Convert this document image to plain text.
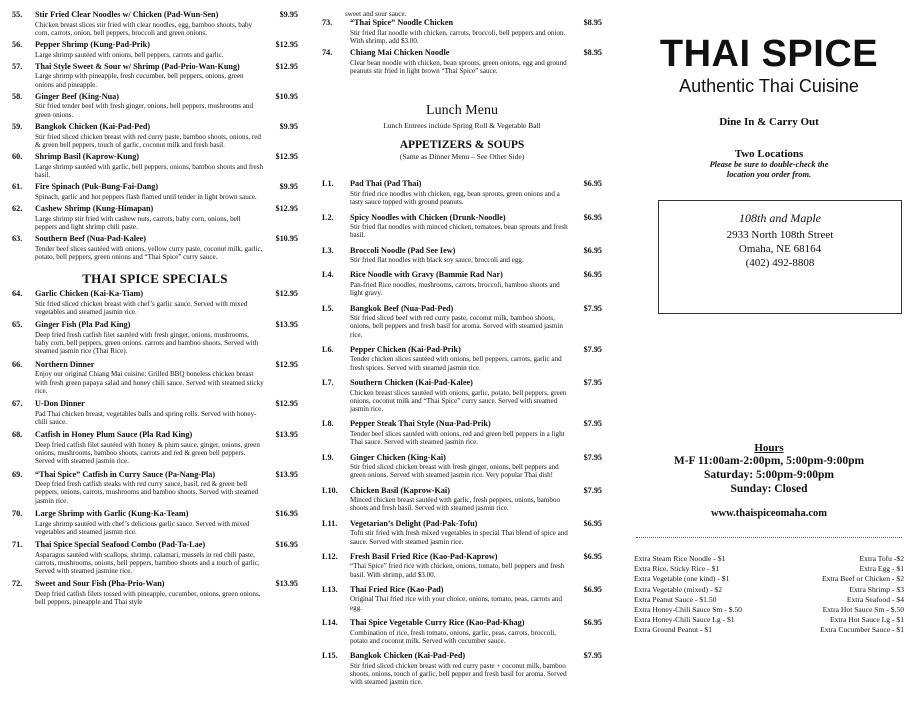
55. Stir Fried Clear Noodles w/ Chicken (Pad-Wun-Sen)	$9.95
Chicken breast slices stir fried with clear noodles, egg, bamboo shoots, baby corn, carrots, onion, bell peppers, broccoli and green onions.
56. Pepper Shrimp (Kung-Pad-Prik)	$12.95
Large shrimp sautéed with onions, bell peppers, carrots and garlic.
57. Thai Style Sweet & Sour w/ Shrimp (Pad-Prio-Wan-Kung)	$12.95
Large shrimp with pineapple, fresh cucumber, bell peppers, onions, green onions and pineapple.
58. Ginger Beef (King-Nua)	$10.95
Stir fried tender beef with fresh ginger, onions, bell peppers, mushrooms and green onions.
59. Bangkok Chicken (Kai-Pad-Ped)	$9.95
Stir fried sliced chicken breast with red curry paste, bamboo shoots, onions, red & green bell peppers, touch of garlic, coconut milk and fresh basil.
60. Shrimp Basil (Kaprow-Kung)	$12.95
Large shrimp sautéed with garlic, bell peppers, onions, bamboo shoots and fresh basil.
61. Fire Spinach (Puk-Bung-Fai-Dang)	$9.95
Spinach, garlic and hot peppers flash flamed until tender in light brown sauce.
62. Cashew Shrimp (Kung-Himapan)	$12.95
Large shrimp stir fried with cashew nuts, carrots, baby corn, onions, bell peppers and light shrimp chili paste.
63. Southern Beef (Nua-Pad-Kalee)	$10.95
Tender beef slices sautéed with onions, yellow curry paste, coconut milk, garlic, potato, bell peppers, green onions and “Thai Spice” curry sauce.
THAI SPICE SPECIALS
64. Garlic Chicken (Kai-Ka-Tiam)	$12.95
Stir fried sliced chicken breast with chef’s garlic sauce. Served with mixed vegetables and steamed jasmin rice.
65. Ginger Fish (Pla Pad King)	$13.95
Deep fried fresh catfish filet sautéed with fresh ginger, onions, mushrooms, baby corn, bell peppers, green onions. carrots and bamboo shoots. Served with steamed jasmin rice (Thai Rice).
66. Northern Dinner	$12.95
Enjoy our original Chiang Mai cuisine: Grilled BBQ boneless chicken breast with fresh green papaya salad and honey chili sauce. Served with steamed sticky rice.
67. U-Don Dinner	$12.95
Pad Thai chicken breast, vegetables balls and spring rolls. Served with honey-chili sauce.
68. Catfish in Honey Plum Sauce (Pla Rad King)	$13.95
Deep fried catfish filet sautéed with honey & plum sauce, ginger, onions, green onions, mushrooms, bamboo shoots, carrots and red & green bell peppers. Served with steamed jasmin rice.
69. “Thai Spice” Catfish in Curry Sauce (Pa-Nang-Pla)	$13.95
Deep fried fresh catfish steaks with red curry sauce, basil, red & green bell peppers, onions, carrots, mushrooms and bamboo shoots. Served with steamed jasmin rice.
70. Large Shrimp with Garlic (Kung-Ka-Team)	$16.95
Large shrimp sautéed with chef’s delicious garlic sauce. Served with mixed vegetables and steamed jasmin rice.
71. Thai Spice Special Seafood Combo (Pad-Ta-Lae)	$16.95
Asparagus sautéed with scallops, shrimp, calamari, mussels in red chili paste, carrots, mushrooms, onions, bell peppers, bamboo shoots and a touch of garlic, Served with steamed jasmine rice.
72. Sweet and Sour Fish (Pha-Prio-Wan)	$13.95
Deep fried catfish filets tossed with pineapple, cucumber, onions, green onions, bell peppers, pineapple and Thai style
sweet and sour sauce.
73. “Thai Spice” Noodle Chicken	$8.95
Stir fried flat noodle with chicken, carrots, broccoli, bell peppers and onion. With shrimp, add $3.00.
74. Chiang Mai Chicken Noodle	$8.95
Clear bean noodle with chicken, bean sprouts, green onions, egg and ground peanuts stir fried in light brown “Thai Spice” sauce.
Lunch Menu
Lunch Entrees include Spring Roll & Vegetable Ball
APPETIZERS & SOUPS
(Same as Dinner Menu – See Other Side)
L1. Pad Thai (Pad Thai)	$6.95
Stir fried rice noodles with chicken, egg, bean sprouts, green onions and a tasty sauce topped with ground peanuts.
L2. Spicy Noodles with Chicken (Drunk-Noodle)	$6.95
Stir fried flat noodles with minced chicken, tomatoes, bean sprouts and fresh basil.
L3. Broccoli Noodle (Pad See Iew)	$6.95
Stir fried flat noodles with black soy sauce, broccoli and egg.
L4. Rice Noodle with Gravy (Bammie Rad Nar)	$6.95
Pan-fried Rice noodles, mushrooms, carrots, broccoli, bamboo shoots and light gravy.
L5. Bangkok Beef (Nua-Pad-Ped)	$7.95
Stir fried sliced beef with red curry paste, coconut milk, bamboo shoots, onions, bell peppers and fresh basil for aroma. Served with steamed jasmin rice.
L6. Pepper Chicken (Kai-Pad-Prik)	$7.95
Tender chicken slices sautéed with onions, bell peppers, carrots, garlic and fresh spices. Served with steamed jasmin rice.
L7. Southern Chicken (Kai-Pad-Kalee)	$7.95
Chicken breast slices sautéed with onions, garlic, potato, bell peppers, green onions, coconut milk and “Thai Spice” curry sauce. Served with steamed jasmin rice.
L8. Pepper Steak Thai Style (Nua-Pad-Prik)	$7.95
Tender beef slices sautéed with onions, red and green bell peppers in a light Thai sauce. Served with steamed jasmin rice.
L9. Ginger Chicken (King-Kai)	$7.95
Stir fried sliced chicken breast with fresh ginger, onions, bell peppers and green onions. Served with steamed jasmin rice. Very popular Thai dish!
L10. Chicken Basil (Kaprow-Kai)	$7.95
Minced chicken breast sautéed with garlic, fresh peppers, onions, bamboo shoots and fresh basil. Served with steamed jasmin rice.
L11. Vegetarian’s Delight (Pad-Pak-Tofu)	$6.95
Tofu stir fried with fresh mixed vegetables in special Thai blend of spice and sauce. Served with steamed jasmin rice.
L12. Fresh Basil Fried Rice (Kao-Pad-Kaprow)	$6.95
“Thai Spice” fried rice with chicken, onions, tomato, bell peppers and fresh basil. With shrimp, add $3.00.
L13. Thai Fried Rice (Kao-Pad)	$6.95
Original Thai fried rice with your choice, onions, tomato, peas, carrots and egg.
L14. Thai Spice Vegetable Curry Rice (Kao-Pad-Khag)	$6.95
Combination of rice, fresh tomato, onions, garlic, peas, carrots, broccoli, potato and coconut milk. Served with cucumber sauce.
L15. Bangkok Chicken (Kai-Pad-Ped)	$7.95
Stir fried sliced chicken breast with red curry paste + coconut milk, bamboo shoots, onions, touch of garlic, bell pepper and fresh basil for aroma. Served with steamed jasmin rice.
THAI SPICE
Authentic Thai Cuisine
Dine In & Carry Out
Two Locations
Please be sure to double-check the
location you order from.
108th and Maple
2933 North 108th Street
Omaha, NE 68164
(402) 492-8808
Hours
M-F 11:00am-2:00pm, 5:00pm-9:00pm
Saturday: 5:00pm-9:00pm
Sunday: Closed
www.thaispiceomaha.com
Extra Steam Rice Noodle - $1
Extra Rice, Sticky Rice - $1
Extra Vegetable (one kind) - $1
Extra Vegetable (mixed) - $2
Extra Peanut Sauce - $1.50
Extra Honey-Chili Sauce Sm - $.50
Extra Honey-Chili Sauce Lg - $1
Extra Ground Peanut - $1
Extra Tofu -$2
Extra Egg - $1
Extra Beef or Chicken - $2
Extra Shrimp - $3
Extra Seafood - $4
Extra Hot Sauce Sm - $.50
Extra Hot Sauce Lg - $1
Extra Cucumber Sauce - $1
